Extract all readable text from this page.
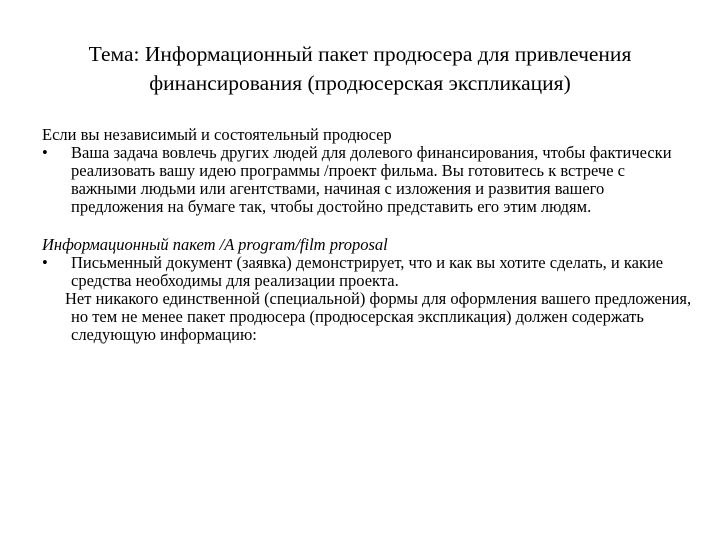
Тема: Информационный пакет продюсера для привлечения финансирования (продюсерская экспликация)

Если вы независимый и состоятельный продюсер

•	Ваша задача вовлечь других людей для долевого финансирования, чтобы фактически реализовать вашу идею программы /проект фильма. Вы готовитесь к встрече с важными людьми или агентствами, начиная с изложения и развития вашего предложения на бумаге так, чтобы достойно представить его этим людям.

Информационный пакет /A program/film proposal

•	Письменный документ (заявка) демонстрирует, что и как вы хотите сделать, и какие средства необходимы для реализации проекта.

Нет никакого единственной (специальной) формы для оформления вашего предложения, но тем не менее пакет продюсера (продюсерская экспликация) должен содержать следующую информацию:
